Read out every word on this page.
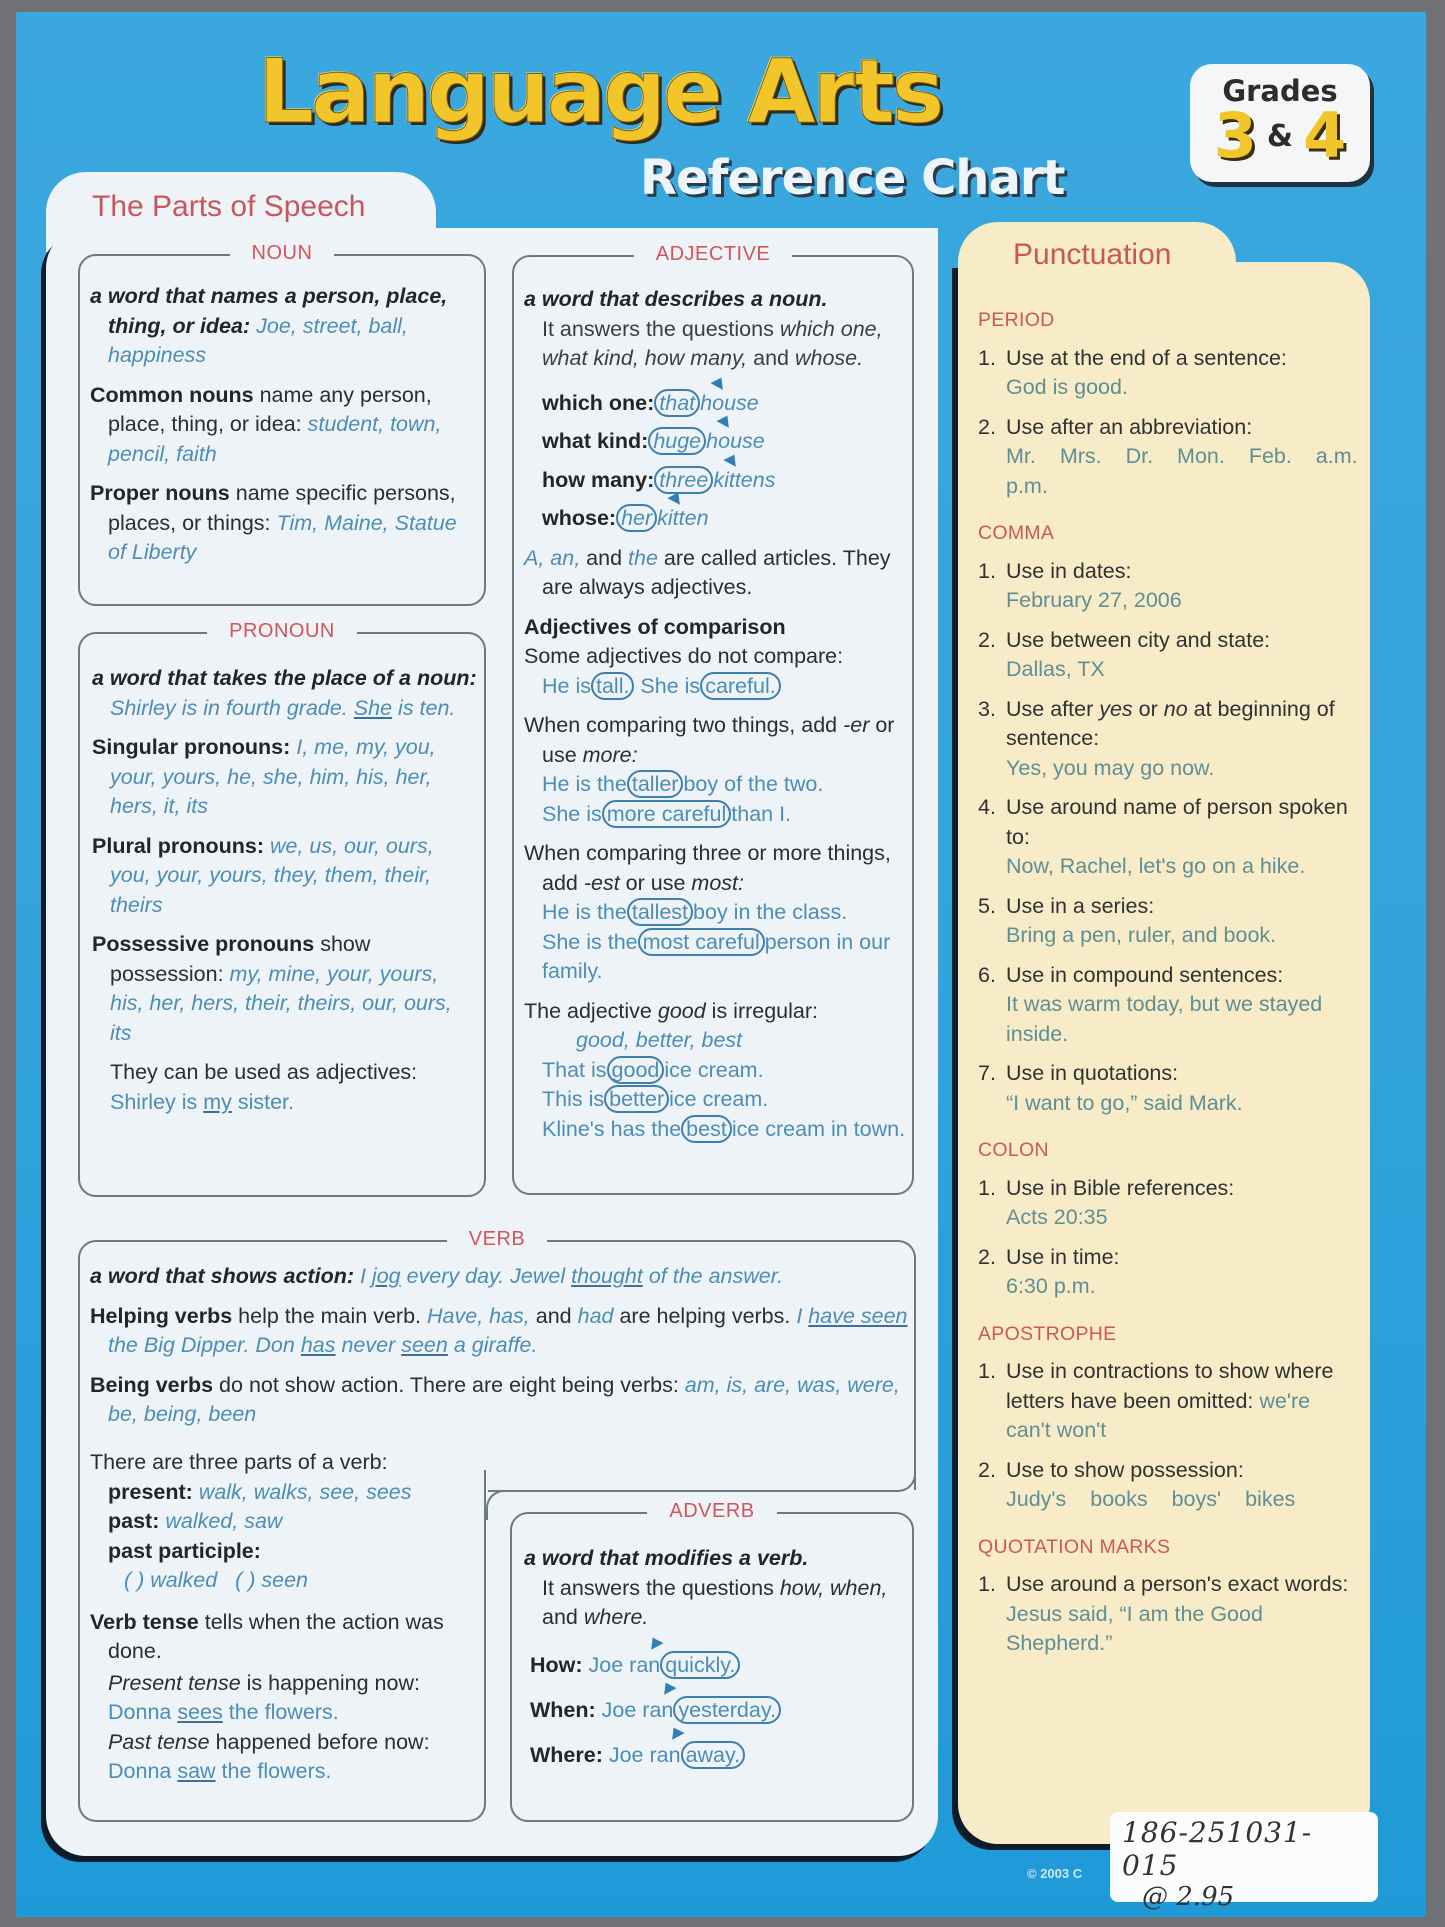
Language Arts
Reference Chart
Grades
3 & 4
The Parts of Speech
NOUN
a word that names a person, place, thing, or idea: Joe, street, ball, happiness
Common nouns name any person, place, thing, or idea: student, town, pencil, faith
Proper nouns name specific persons, places, or things: Tim, Maine, Statue of Liberty
PRONOUN
a word that takes the place of a noun: Shirley is in fourth grade. She is ten.
Singular pronouns: I, me, my, you, your, yours, he, she, him, his, her, hers, it, its
Plural pronouns: we, us, our, ours, you, your, yours, they, them, their, theirs
Possessive pronouns show possession: my, mine, your, yours, his, her, hers, their, theirs, our, ours, its
They can be used as adjectives: Shirley is my sister.
ADJECTIVE
a word that describes a noun.
It answers the questions which one, what kind, how many, and whose.
which one: that house
what kind: huge house
how many: three kittens
whose: her kitten
A, an, and the are called articles. They are always adjectives.
Adjectives of comparison
Some adjectives do not compare:
He is tall. She is careful.
When comparing two things, add -er or use more:
He is the taller boy of the two.
She is more careful than I.
When comparing three or more things, add -est or use most:
He is the tallest boy in the class.
She is the most careful person in our family.
The adjective good is irregular:
good, better, best
That is good ice cream.
This is better ice cream.
Kline's has the best ice cream in town.
VERB
a word that shows action: I jog every day. Jewel thought of the answer.
Helping verbs help the main verb. Have, has, and had are helping verbs. I have seen the Big Dipper. Don has never seen a giraffe.
Being verbs do not show action. There are eight being verbs: am, is, are, was, were, be, being, been
There are three parts of a verb:
present: walk, walks, see, sees
past: walked, saw
past participle:
( ) walked   ( ) seen
Verb tense tells when the action was done.
Present tense is happening now:
Donna sees the flowers.
Past tense happened before now:
Donna saw the flowers.
ADVERB
a word that modifies a verb.
It answers the questions how, when, and where.
How: Joe ran quickly.
When: Joe ran yesterday.
Where: Joe ran away.
Punctuation
PERIOD
1. Use at the end of a sentence:
God is good.
2. Use after an abbreviation:
Mr. Mrs. Dr. Mon. Feb. a.m. p.m.
COMMA
1. Use in dates:
February 27, 2006
2. Use between city and state:
Dallas, TX
3. Use after yes or no at beginning of sentence:
Yes, you may go now.
4. Use around name of person spoken to:
Now, Rachel, let's go on a hike.
5. Use in a series:
Bring a pen, ruler, and book.
6. Use in compound sentences:
It was warm today, but we stayed inside.
7. Use in quotations:
“I want to go,” said Mark.
COLON
1. Use in Bible references:
Acts 20:35
2. Use in time:
6:30 p.m.
APOSTROPHE
1. Use in contractions to show where letters have been omitted: we're can't won't
2. Use to show possession:
Judy's books boys' bikes
QUOTATION MARKS
1. Use around a person's exact words:
Jesus said, “I am the Good Shepherd.”
© 2003 C
186-251031-015
@ 2.95
